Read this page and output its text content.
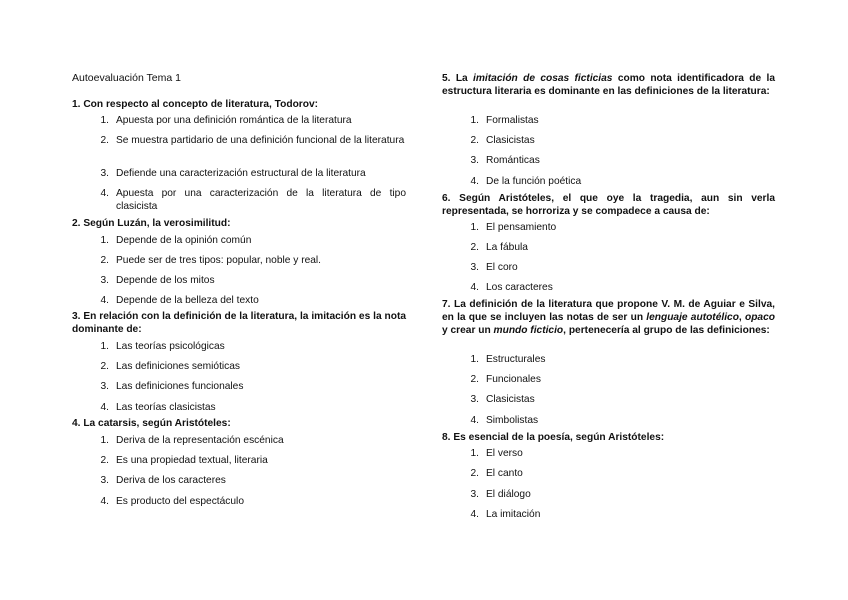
Autoevaluación Tema 1
1. Con respecto al concepto de literatura, Todorov:
1. Apuesta por una definición romántica de la literatura
2. Se muestra partidario de una definición funcional de la literatura
3. Defiende una caracterización estructural de la literatura
4. Apuesta por una caracterización de la literatura de tipo clasicista
2. Según Luzán, la verosimilitud:
1. Depende de la opinión común
2. Puede ser de tres tipos: popular, noble y real.
3. Depende de los mitos
4. Depende de la belleza del texto
3. En relación con la definición de la literatura, la imitación es la nota dominante de:
1. Las teorías psicológicas
2. Las definiciones semióticas
3. Las definiciones funcionales
4. Las teorías clasicistas
4. La catarsis, según Aristóteles:
1. Deriva de la representación escénica
2. Es una propiedad textual, literaria
3. Deriva de los caracteres
4. Es producto del espectáculo
5. La imitación de cosas ficticias como nota identificadora de la estructura literaria es dominante en las definiciones de la literatura:
1. Formalistas
2. Clasicistas
3. Románticas
4. De la función poética
6. Según Aristóteles, el que oye la tragedia, aun sin verla representada, se horroriza y se compadece a causa de:
1. El pensamiento
2. La fábula
3. El coro
4. Los caracteres
7. La definición de la literatura que propone V. M. de Aguiar e Silva, en la que se incluyen las notas de ser un lenguaje autotélico, opaco y crear un mundo ficticio, pertenecería al grupo de las definiciones:
1. Estructurales
2. Funcionales
3. Clasicistas
4. Simbolistas
8. Es esencial de la poesía, según Aristóteles:
1. El verso
2. El canto
3. El diálogo
4. La imitación
